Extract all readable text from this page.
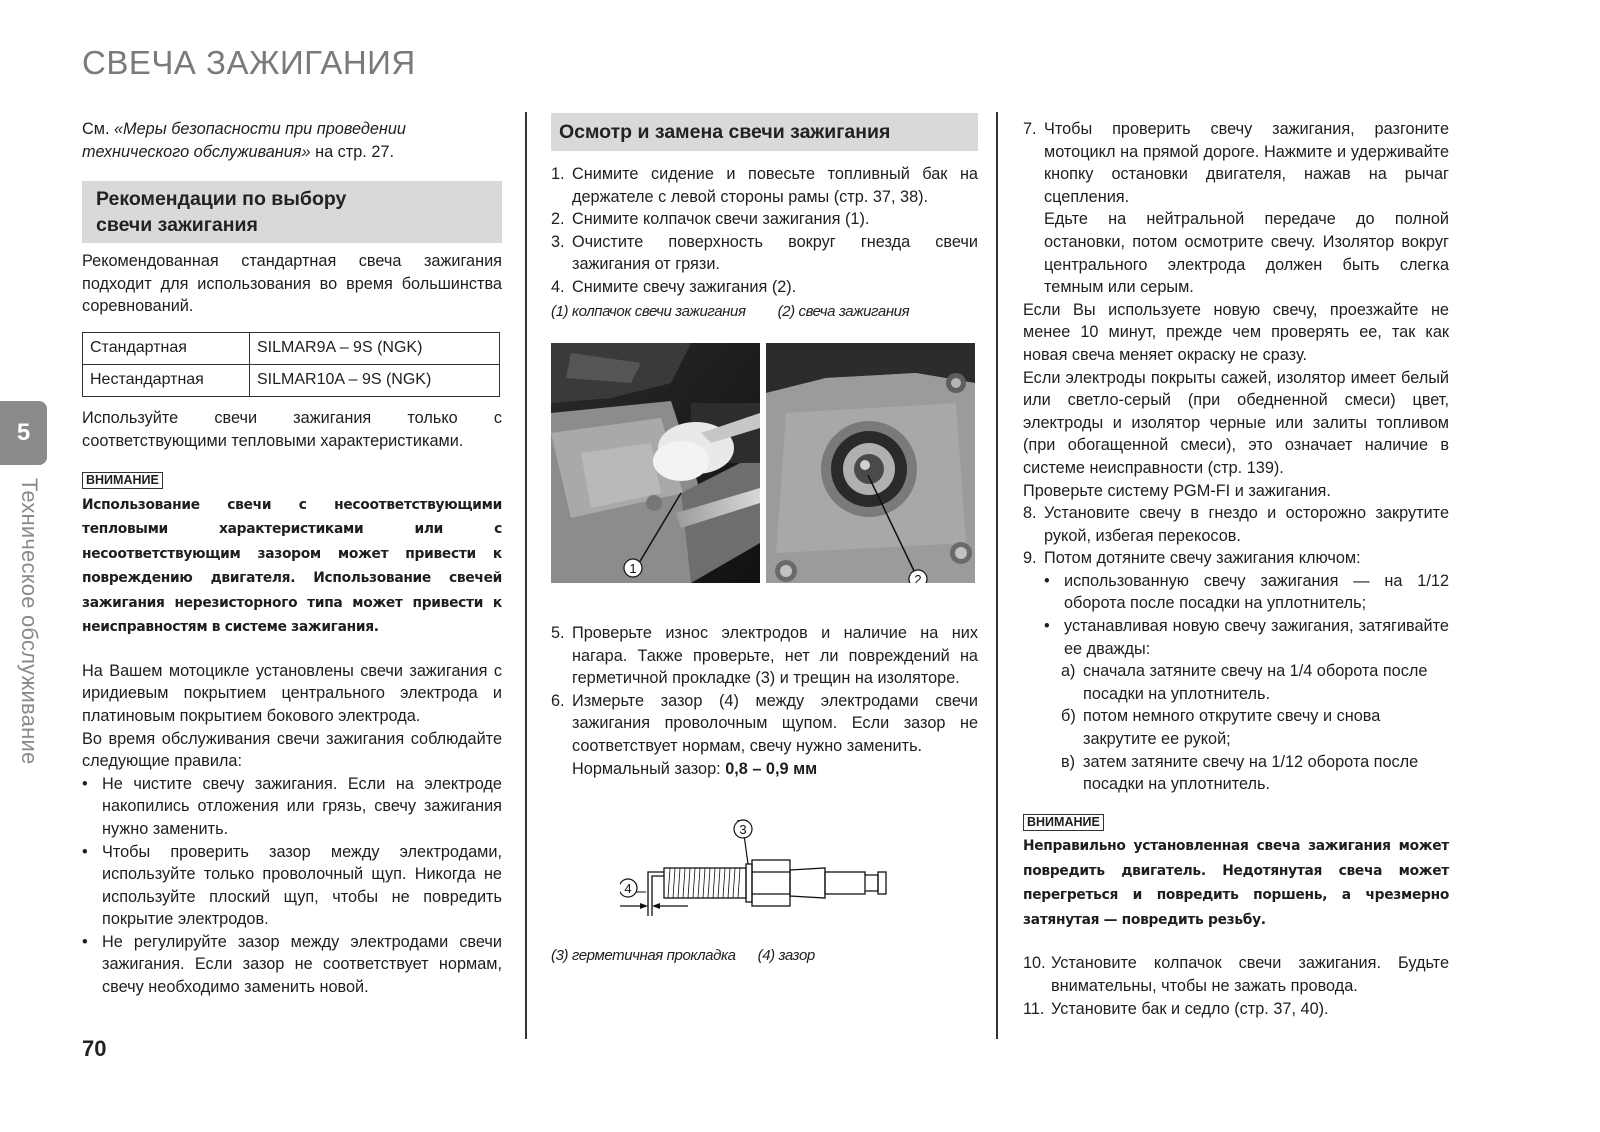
СВЕЧА ЗАЖИГАНИЯ
5
Техническое обслуживание

См. «Меры безопасности при проведении технического обслуживания» на стр. 27.

Рекомендации по выбору
свечи зажигания

Рекомендованная стандартная свеча зажигания подходит для использования во время большинства соревнований.

Стандартная	SILMAR9A – 9S (NGK)
Нестандартная	SILMAR10A – 9S (NGK)

Используйте свечи зажигания только с соответствующими тепловыми характеристиками.

ВНИМАНИЕ

Использование свечи с несоответствующими тепловыми характеристиками или с несоответствующим зазором может привести к повреждению двигателя. Использование свечей зажигания нерезисторного типа может привести к неисправностям в системе зажигания.

На Вашем мотоцикле установлены свечи зажигания с иридиевым покрытием центрального электрода и платиновым покрытием бокового электрода.

Во время обслуживания свечи зажигания соблюдайте следующие правила:

• Не чистите свечу зажигания. Если на электроде накопились отложения или грязь, свечу зажигания нужно заменить.
• Чтобы проверить зазор между электродами, используйте только проволочный щуп. Никогда не используйте плоский щуп, чтобы не повредить покрытие электродов.
• Не регулируйте зазор между электродами свечи зажигания. Если зазор не соответствует нормам, свечу необходимо заменить новой.
Осмотр и замена свечи зажигания
1. Снимите сидение и повесьте топливный бак на держателе с левой стороны рамы (стр. 37, 38).
2. Снимите колпачок свечи зажигания (1).
3. Очистите поверхность вокруг гнезда свечи зажигания от грязи.
4. Снимите свечу зажигания (2).
(1) колпачок свечи зажигания (2) свеча зажигания
1
2
5. Проверьте износ электродов и наличие на них нагара. Также проверьте, нет ли повреждений на герметичной прокладке (3) и трещин на изоляторе.
6. Измерьте зазор (4) между электродами свечи зажигания проволочным щупом. Если зазор не соответствует нормам, свечу нужно заменить.
Нормальный зазор: 0,8 – 0,9 мм
4
3
(3) герметичная прокладка (4) зазор
7. Чтобы проверить свечу зажигания, разгоните мотоцикл на прямой дороге. Нажмите и удерживайте кнопку остановки двигателя, нажав на рычаг сцепления.

Едьте на нейтральной передаче до полной остановки, потом осмотрите свечу. Изолятор вокруг центрального электрода должен быть слегка темным или серым.

Если Вы используете новую свечу, проезжайте не менее 10 минут, прежде чем проверять ее, так как новая свеча меняет окраску не сразу.

Если электроды покрыты сажей, изолятор имеет белый или светло-серый (при обедненной смеси) цвет, электроды и изолятор черные или залиты топливом (при обогащенной смеси), это означает наличие в системе неисправности (стр. 139).

Проверьте систему PGM-FI и зажигания.

8. Установите свечу в гнездо и осторожно закрутите рукой, избегая перекосов.
9. Потом дотяните свечу зажигания ключом:
• использованную свечу зажигания — на 1/12 оборота после посадки на уплотнитель;
• устанавливая новую свечу зажигания, затягивайте ее дважды:
а) сначала затяните свечу на 1/4 оборота после посадки на уплотнитель.
б) потом немного открутите свечу и снова закрутите ее рукой;
в) затем затяните свечу на 1/12 оборота после посадки на уплотнитель.
ВНИМАНИЕ

Неправильно установленная свеча зажигания может повредить двигатель. Недотянутая свеча может перегреться и повредить поршень, а чрезмерно затянутая — повредить резьбу.

10. Установите колпачок свечи зажигания. Будьте внимательны, чтобы не зажать провода.
11. Установите бак и седло (стр. 37, 40).
70
